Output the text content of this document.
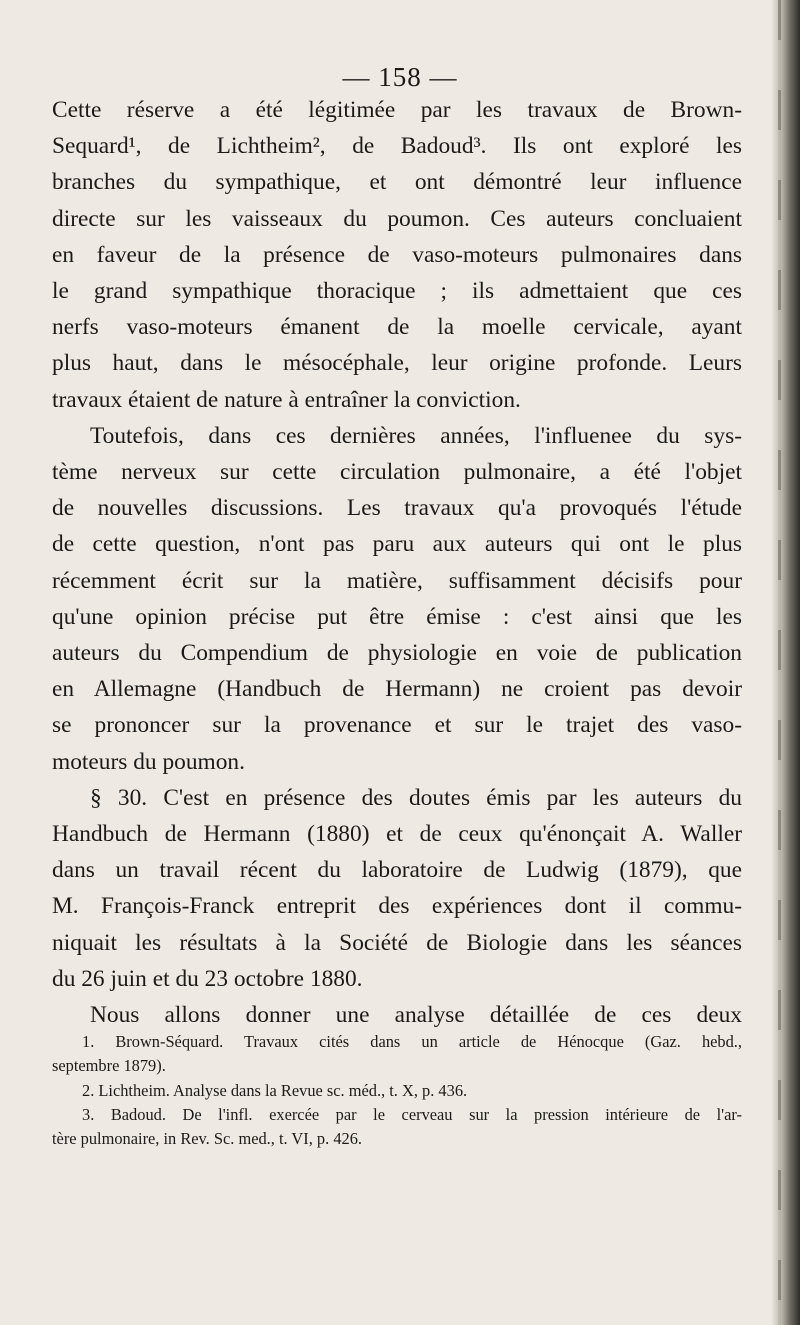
— 158 —
Cette réserve a été légitimée par les travaux de Brown-
Sequard¹, de Lichtheim², de Badoud³. Ils ont exploré les
branches du sympathique, et ont démontré leur influence
directe sur les vaisseaux du poumon. Ces auteurs concluaient
en faveur de la présence de vaso-moteurs pulmonaires dans
le grand sympathique thoracique ; ils admettaient que ces
nerfs vaso-moteurs émanent de la moelle cervicale, ayant
plus haut, dans le mésocéphale, leur origine profonde. Leurs
travaux étaient de nature à entraîner la conviction.
Toutefois, dans ces dernières années, l'influenee du sys-
tème nerveux sur cette circulation pulmonaire, a été l'objet
de nouvelles discussions. Les travaux qu'a provoqués l'étude
de cette question, n'ont pas paru aux auteurs qui ont le plus
récemment écrit sur la matière, suffisamment décisifs pour
qu'une opinion précise put être émise : c'est ainsi que les
auteurs du Compendium de physiologie en voie de publication
en Allemagne (Handbuch de Hermann) ne croient pas devoir
se prononcer sur la provenance et sur le trajet des vaso-
moteurs du poumon.
§ 30. C'est en présence des doutes émis par les auteurs du
Handbuch de Hermann (1880) et de ceux qu'énonçait A. Waller
dans un travail récent du laboratoire de Ludwig (1879), que
M. François-Franck entreprit des expériences dont il commu-
niquait les résultats à la Société de Biologie dans les séances
du 26 juin et du 23 octobre 1880.
Nous allons donner une analyse détaillée de ces deux
1. Brown-Séquard. Travaux cités dans un article de Hénocque (Gaz. hebd.,
septembre 1879).
2. Lichtheim. Analyse dans la Revue sc. méd., t. X, p. 436.
3. Badoud. De l'infl. exercée par le cerveau sur la pression intérieure de l'ar-
tère pulmonaire, in Rev. Sc. med., t. VI, p. 426.
